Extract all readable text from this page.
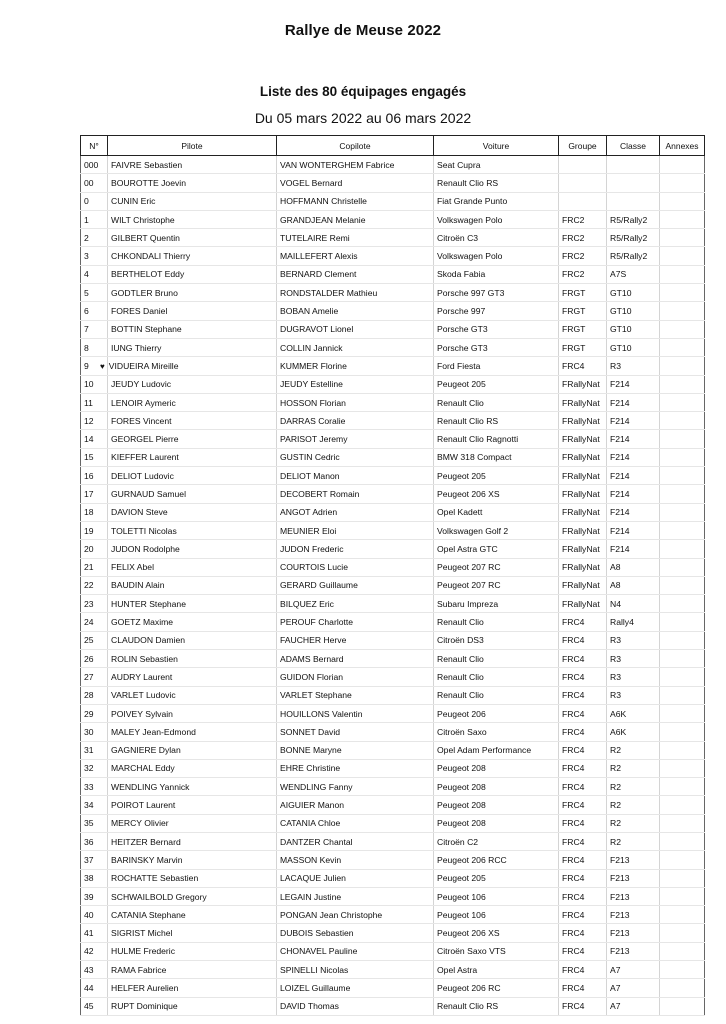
Rallye de Meuse 2022
Liste des 80 équipages engagés
Du 05 mars 2022 au 06 mars 2022
N°	Pilote	Copilote	Voiture	Groupe	Classe	Annexes
000	FAIVRE Sebastien	VAN WONTERGHEM Fabrice	Seat Cupra			
00	BOUROTTE Joevin	VOGEL Bernard	Renault Clio RS			
0	CUNIN Eric	HOFFMANN Christelle	Fiat Grande Punto			
1	WILT Christophe	GRANDJEAN Melanie	Volkswagen Polo	FRC2	R5/Rally2	
2	GILBERT Quentin	TUTELAIRE Remi	Citroën C3	FRC2	R5/Rally2	
3	CHKONDALI Thierry	MAILLEFERT Alexis	Volkswagen Polo	FRC2	R5/Rally2	
4	BERTHELOT Eddy	BERNARD Clement	Skoda Fabia	FRC2	A7S	
5	GODTLER Bruno	RONDSTALDER Mathieu	Porsche 997 GT3	FRGT	GT10	
6	FORES Daniel	BOBAN Amelie	Porsche 997	FRGT	GT10	
7	BOTTIN Stephane	DUGRAVOT Lionel	Porsche GT3	FRGT	GT10	
8	IUNG Thierry	COLLIN Jannick	Porsche GT3	FRGT	GT10	
9	♥ VIDUEIRA Mireille	KUMMER Florine	Ford Fiesta	FRC4	R3	
10	JEUDY Ludovic	JEUDY Estelline	Peugeot 205	FRallyNat	F214	
11	LENOIR Aymeric	HOSSON Florian	Renault Clio	FRallyNat	F214	
12	FORES Vincent	DARRAS Coralie	Renault Clio RS	FRallyNat	F214	
14	GEORGEL Pierre	PARISOT Jeremy	Renault Clio Ragnotti	FRallyNat	F214	
15	KIEFFER Laurent	GUSTIN Cedric	BMW 318 Compact	FRallyNat	F214	
16	DELIOT Ludovic	DELIOT Manon	Peugeot 205	FRallyNat	F214	
17	GURNAUD Samuel	DECOBERT Romain	Peugeot 206 XS	FRallyNat	F214	
18	DAVION Steve	ANGOT Adrien	Opel Kadett	FRallyNat	F214	
19	TOLETTI Nicolas	MEUNIER Eloi	Volkswagen Golf 2	FRallyNat	F214	
20	JUDON Rodolphe	JUDON Frederic	Opel Astra GTC	FRallyNat	F214	
21	FELIX Abel	COURTOIS Lucie	Peugeot 207 RC	FRallyNat	A8	
22	BAUDIN Alain	GERARD Guillaume	Peugeot 207 RC	FRallyNat	A8	
23	HUNTER Stephane	BILQUEZ Eric	Subaru Impreza	FRallyNat	N4	
24	GOETZ Maxime	PEROUF Charlotte	Renault Clio	FRC4	Rally4	
25	CLAUDON Damien	FAUCHER Herve	Citroën DS3	FRC4	R3	
26	ROLIN Sebastien	ADAMS Bernard	Renault Clio	FRC4	R3	
27	AUDRY Laurent	GUIDON Florian	Renault Clio	FRC4	R3	
28	VARLET Ludovic	VARLET Stephane	Renault Clio	FRC4	R3	
29	POIVEY Sylvain	HOUILLONS Valentin	Peugeot 206	FRC4	A6K	
30	MALEY Jean-Edmond	SONNET David	Citroën Saxo	FRC4	A6K	
31	GAGNIERE Dylan	BONNE Maryne	Opel Adam Performance	FRC4	R2	
32	MARCHAL Eddy	EHRE Christine	Peugeot 208	FRC4	R2	
33	WENDLING Yannick	WENDLING Fanny	Peugeot 208	FRC4	R2	
34	POIROT Laurent	AIGUIER Manon	Peugeot 208	FRC4	R2	
35	MERCY Olivier	CATANIA Chloe	Peugeot 208	FRC4	R2	
36	HEITZER Bernard	DANTZER Chantal	Citroën C2	FRC4	R2	
37	BARINSKY Marvin	MASSON Kevin	Peugeot 206 RCC	FRC4	F213	
38	ROCHATTE Sebastien	LACAQUE Julien	Peugeot 205	FRC4	F213	
39	SCHWAILBOLD Gregory	LEGAIN Justine	Peugeot 106	FRC4	F213	
40	CATANIA Stephane	PONGAN Jean Christophe	Peugeot 106	FRC4	F213	
41	SIGRIST Michel	DUBOIS Sebastien	Peugeot 206 XS	FRC4	F213	
42	HULME Frederic	CHONAVEL Pauline	Citroën Saxo VTS	FRC4	F213	
43	RAMA Fabrice	SPINELLI Nicolas	Opel Astra	FRC4	A7	
44	HELFER Aurelien	LOIZEL Guillaume	Peugeot 206 RC	FRC4	A7	
45	RUPT Dominique	DAVID Thomas	Renault Clio RS	FRC4	A7	
